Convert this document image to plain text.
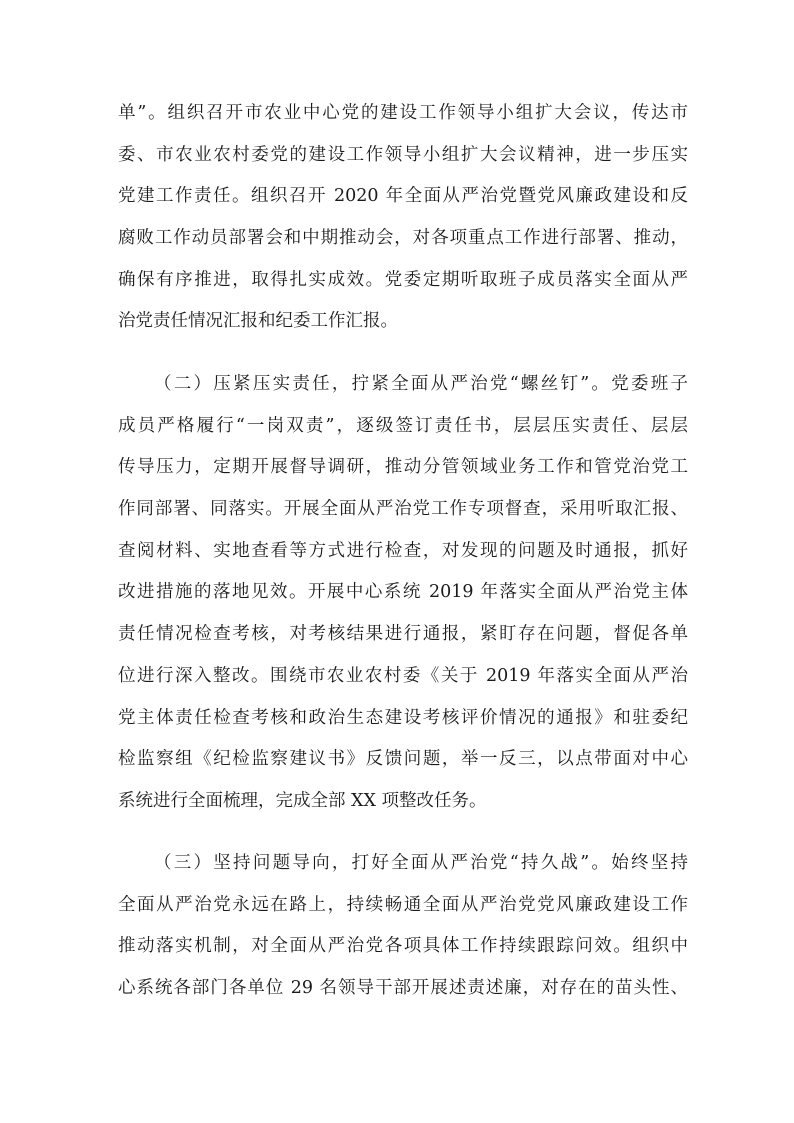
单”。组织召开市农业中心党的建设工作领导小组扩大会议，传达市
委、市农业农村委党的建设工作领导小组扩大会议精神，进一步压实
党建工作责任。组织召开 2020 年全面从严治党暨党风廉政建设和反
腐败工作动员部署会和中期推动会，对各项重点工作进行部署、推动，
确保有序推进，取得扎实成效。党委定期听取班子成员落实全面从严
治党责任情况汇报和纪委工作汇报。
（二）压紧压实责任，拧紧全面从严治党“螺丝钉”。党委班子
成员严格履行“一岗双责”，逐级签订责任书，层层压实责任、层层
传导压力，定期开展督导调研，推动分管领域业务工作和管党治党工
作同部署、同落实。开展全面从严治党工作专项督查，采用听取汇报、
查阅材料、实地查看等方式进行检查，对发现的问题及时通报，抓好
改进措施的落地见效。开展中心系统 2019 年落实全面从严治党主体
责任情况检查考核，对考核结果进行通报，紧盯存在问题，督促各单
位进行深入整改。围绕市农业农村委《关于 2019 年落实全面从严治
党主体责任检查考核和政治生态建设考核评价情况的通报》和驻委纪
检监察组《纪检监察建议书》反馈问题，举一反三，以点带面对中心
系统进行全面梳理，完成全部 XX 项整改任务。
（三）坚持问题导向，打好全面从严治党“持久战”。始终坚持
全面从严治党永远在路上，持续畅通全面从严治党党风廉政建设工作
推动落实机制，对全面从严治党各项具体工作持续跟踪问效。组织中
心系统各部门各单位 29 名领导干部开展述责述廉，对存在的苗头性、
